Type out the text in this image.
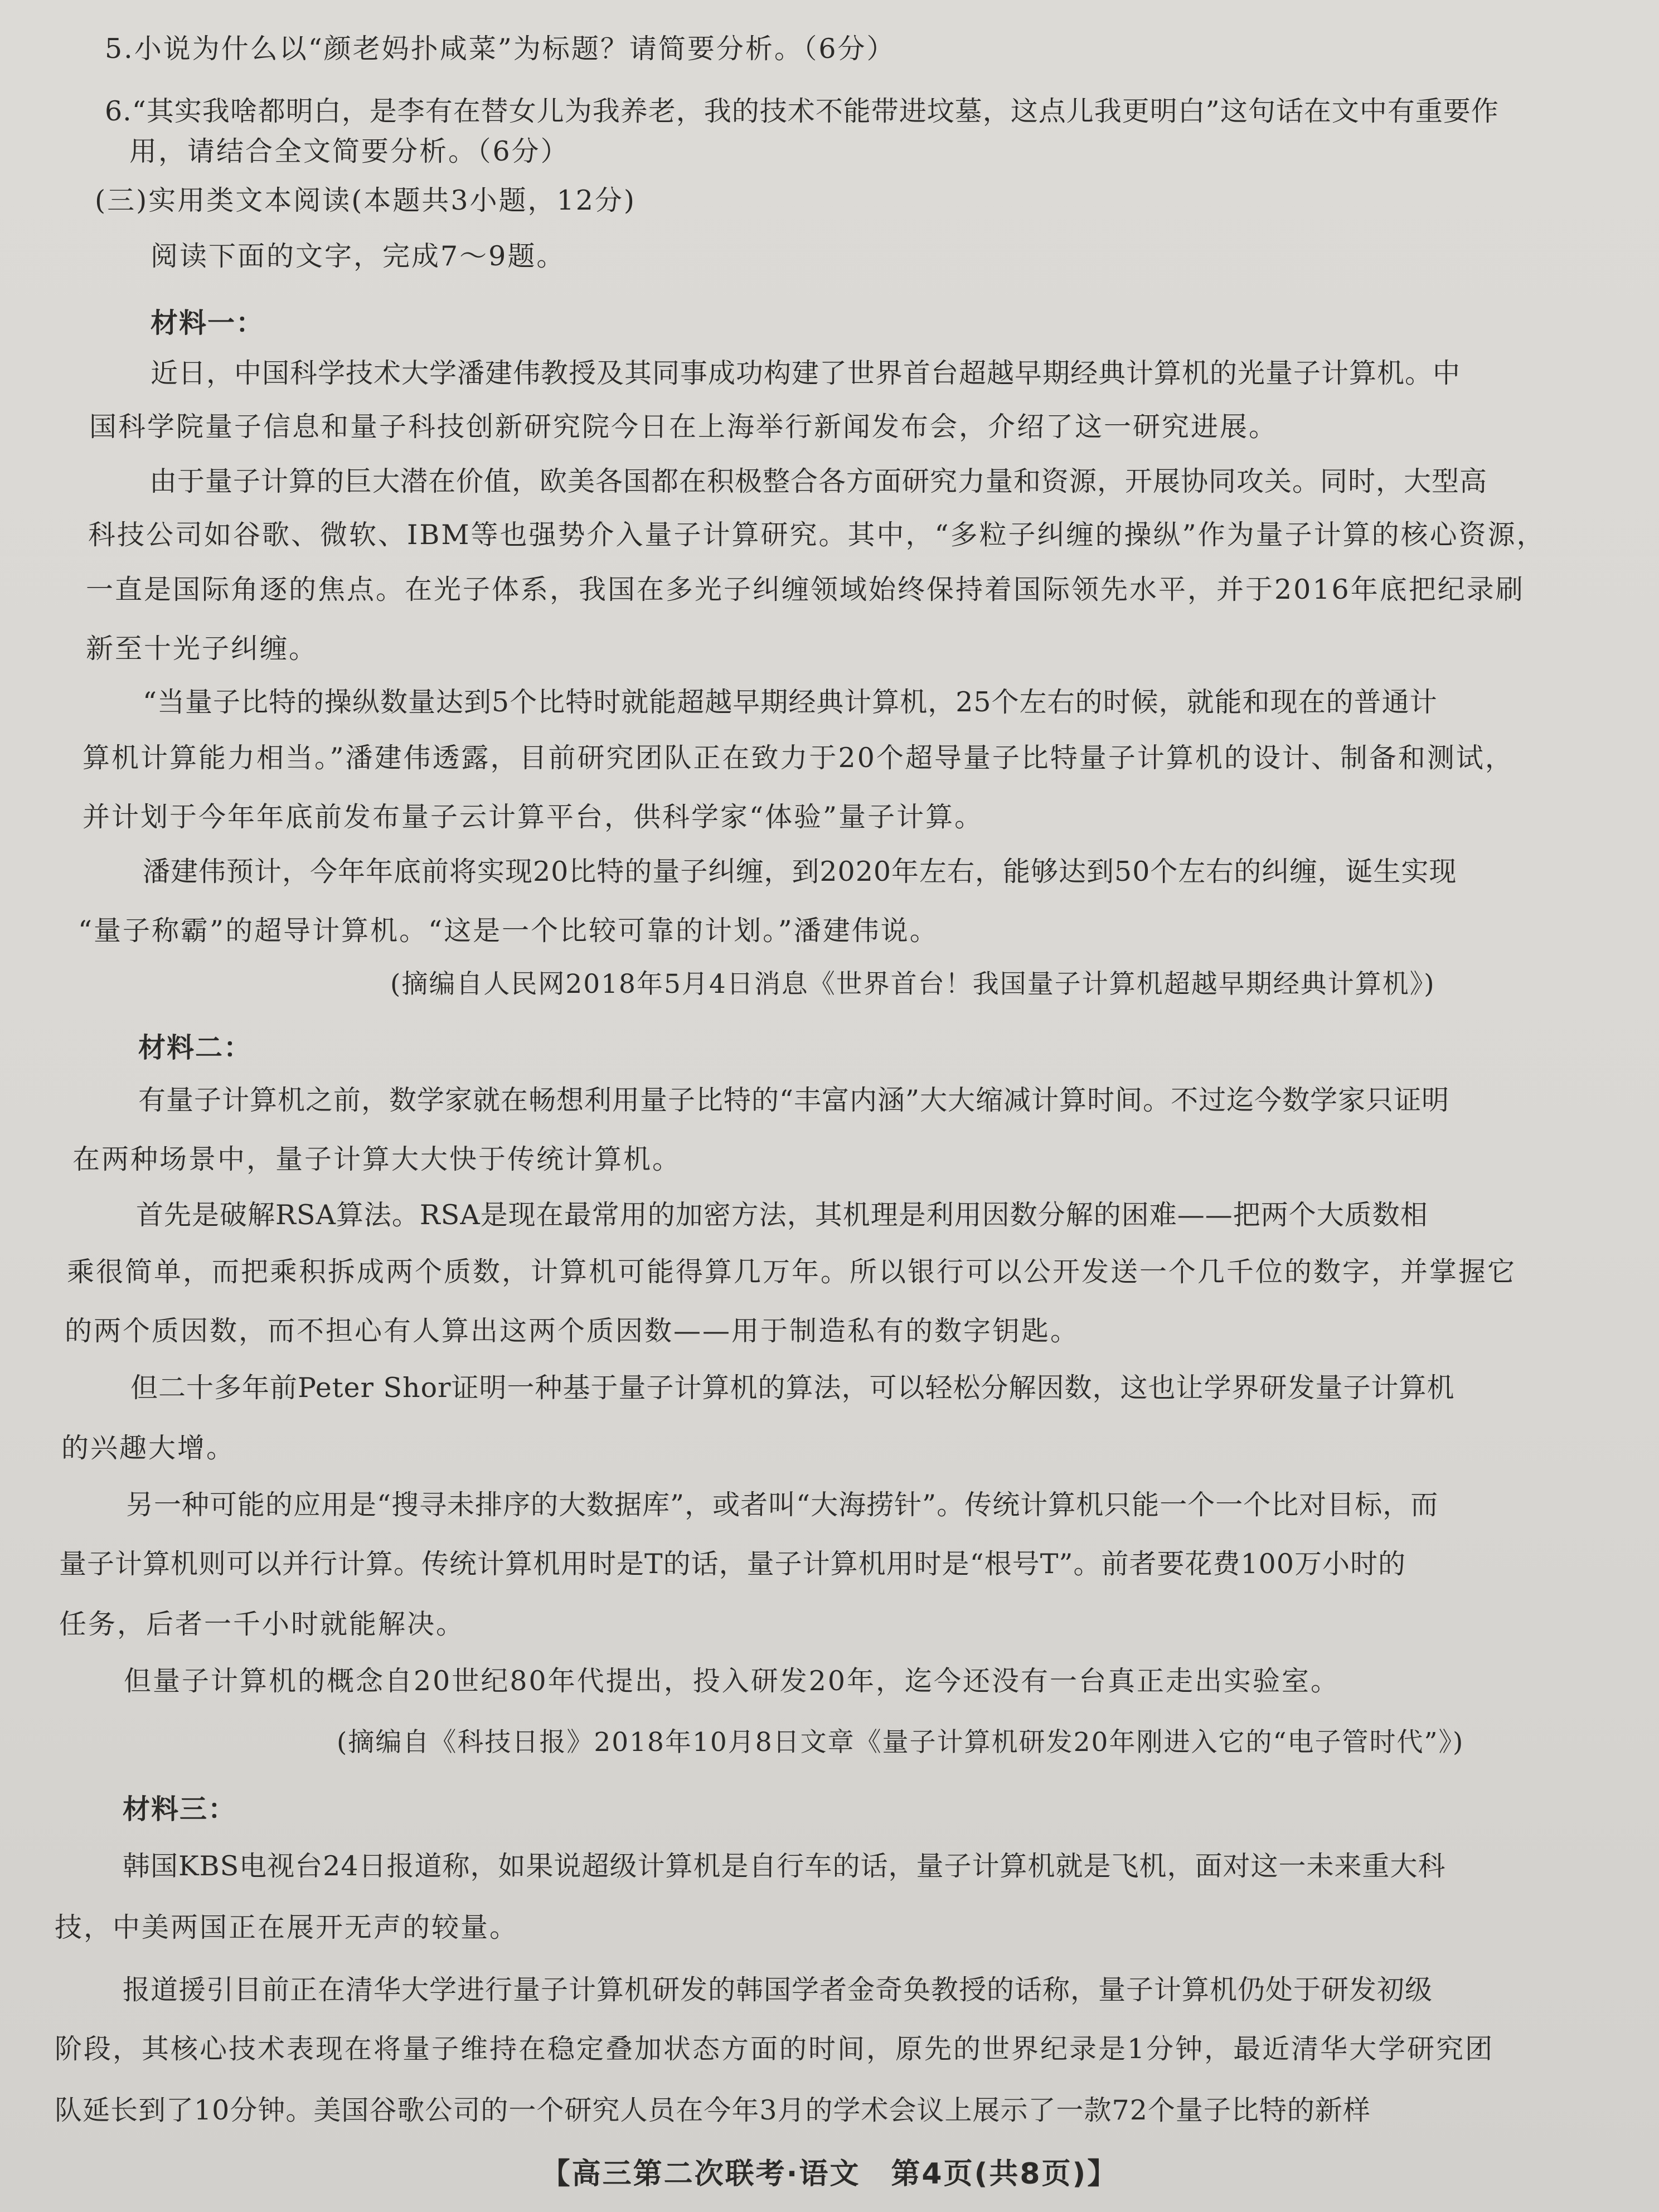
5.小说为什么以“颜老妈扑咸菜”为标题？请简要分析。（6分）
6.“其实我啥都明白，是李有在替女儿为我养老，我的技术不能带进坟墓，这点儿我更明白”这句话在文中有重要作
用，请结合全文简要分析。（6分）
(三)实用类文本阅读(本题共3小题，12分)
阅读下面的文字，完成7～9题。
材料一：
近日，中国科学技术大学潘建伟教授及其同事成功构建了世界首台超越早期经典计算机的光量子计算机。中
国科学院量子信息和量子科技创新研究院今日在上海举行新闻发布会，介绍了这一研究进展。
由于量子计算的巨大潜在价值，欧美各国都在积极整合各方面研究力量和资源，开展协同攻关。同时，大型高
科技公司如谷歌、微软、IBM等也强势介入量子计算研究。其中，“多粒子纠缠的操纵”作为量子计算的核心资源，
一直是国际角逐的焦点。在光子体系，我国在多光子纠缠领域始终保持着国际领先水平，并于2016年底把纪录刷
新至十光子纠缠。
“当量子比特的操纵数量达到5个比特时就能超越早期经典计算机，25个左右的时候，就能和现在的普通计
算机计算能力相当。”潘建伟透露，目前研究团队正在致力于20个超导量子比特量子计算机的设计、制备和测试，
并计划于今年年底前发布量子云计算平台，供科学家“体验”量子计算。
潘建伟预计，今年年底前将实现20比特的量子纠缠，到2020年左右，能够达到50个左右的纠缠，诞生实现
“量子称霸”的超导计算机。“这是一个比较可靠的计划。”潘建伟说。
(摘编自人民网2018年5月4日消息《世界首台！我国量子计算机超越早期经典计算机》)
材料二：
有量子计算机之前，数学家就在畅想利用量子比特的“丰富内涵”大大缩减计算时间。不过迄今数学家只证明
在两种场景中，量子计算大大快于传统计算机。
首先是破解RSA算法。RSA是现在最常用的加密方法，其机理是利用因数分解的困难——把两个大质数相
乘很简单，而把乘积拆成两个质数，计算机可能得算几万年。所以银行可以公开发送一个几千位的数字，并掌握它
的两个质因数，而不担心有人算出这两个质因数——用于制造私有的数字钥匙。
但二十多年前Peter Shor证明一种基于量子计算机的算法，可以轻松分解因数，这也让学界研发量子计算机
的兴趣大增。
另一种可能的应用是“搜寻未排序的大数据库”，或者叫“大海捞针”。传统计算机只能一个一个比对目标，而
量子计算机则可以并行计算。传统计算机用时是T的话，量子计算机用时是“根号T”。前者要花费100万小时的
任务，后者一千小时就能解决。
但量子计算机的概念自20世纪80年代提出，投入研发20年，迄今还没有一台真正走出实验室。
(摘编自《科技日报》2018年10月8日文章《量子计算机研发20年刚进入它的“电子管时代”》)
材料三：
韩国KBS电视台24日报道称，如果说超级计算机是自行车的话，量子计算机就是飞机，面对这一未来重大科
技，中美两国正在展开无声的较量。
报道援引目前正在清华大学进行量子计算机研发的韩国学者金奇奂教授的话称，量子计算机仍处于研发初级
阶段，其核心技术表现在将量子维持在稳定叠加状态方面的时间，原先的世界纪录是1分钟，最近清华大学研究团
队延长到了10分钟。美国谷歌公司的一个研究人员在今年3月的学术会议上展示了一款72个量子比特的新样
【高三第二次联考·语文　第4页(共8页)】
